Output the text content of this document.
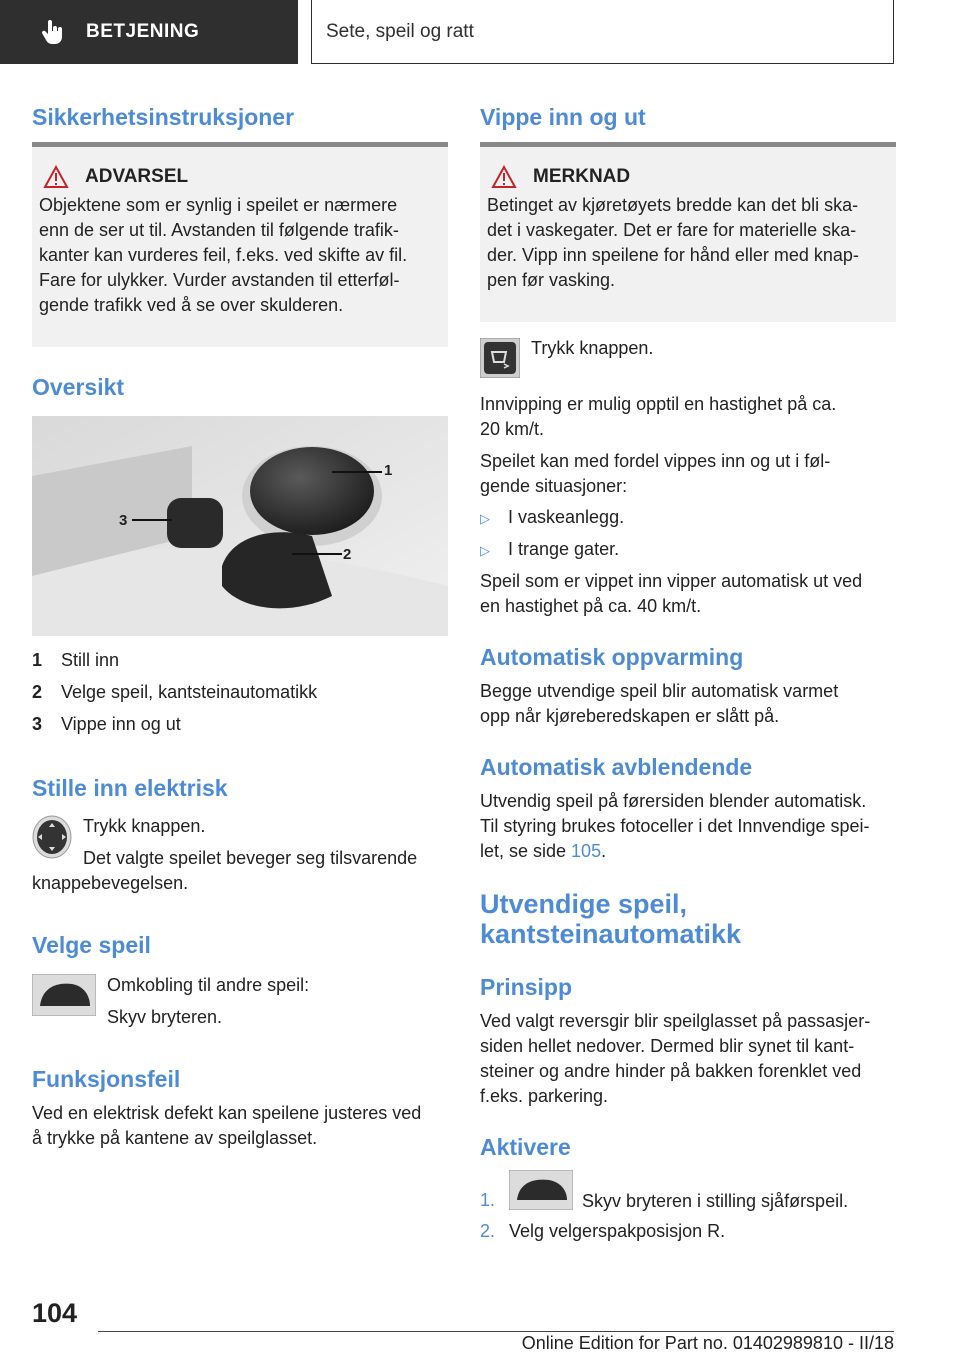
BETJENING	Sete, speil og ratt
Sikkerhetsinstruksjoner
ADVARSEL
Objektene som er synlig i speilet er nærmere
enn de ser ut til. Avstanden til følgende trafik-
kanter kan vurderes feil, f.eks. ved skifte av fil.
Fare for ulykker. Vurder avstanden til etterføl-
gende trafikk ved å se over skulderen.
Oversikt
1
3
2
1 Still inn
2 Velge speil, kantsteinautomatikk
3 Vippe inn og ut
Stille inn elektrisk
Trykk knappen.
Det valgte speilet beveger seg tilsvarende
knappebevegelsen.
Velge speil
Omkobling til andre speil:
Skyv bryteren.
Funksjonsfeil
Ved en elektrisk defekt kan speilene justeres ved
å trykke på kantene av speilglasset.
Vippe inn og ut
MERKNAD
Betinget av kjøretøyets bredde kan det bli ska-
det i vaskegater. Det er fare for materielle ska-
der. Vipp inn speilene for hånd eller med knap-
pen før vasking.
Trykk knappen.
Innvipping er mulig opptil en hastighet på ca.
20 km/t.
Speilet kan med fordel vippes inn og ut i føl-
gende situasjoner:
▷ I vaskeanlegg.
▷ I trange gater.
Speil som er vippet inn vipper automatisk ut ved
en hastighet på ca. 40 km/t.
Automatisk oppvarming
Begge utvendige speil blir automatisk varmet
opp når kjøreberedskapen er slått på.
Automatisk avblendende
Utvendig speil på førersiden blender automatisk.
Til styring brukes fotoceller i det Innvendige spei-
let, se side 105.
Utvendige speil,
kantsteinautomatikk
Prinsipp
Ved valgt reversgir blir speilglasset på passasjer-
siden hellet nedover. Dermed blir synet til kant-
steiner og andre hinder på bakken forenklet ved
f.eks. parkering.
Aktivere
1.	Skyv bryteren i stilling sjåførspeil.
2. Velg velgerspakposisjon R.
104
Online Edition for Part no. 01402989810 - II/18
